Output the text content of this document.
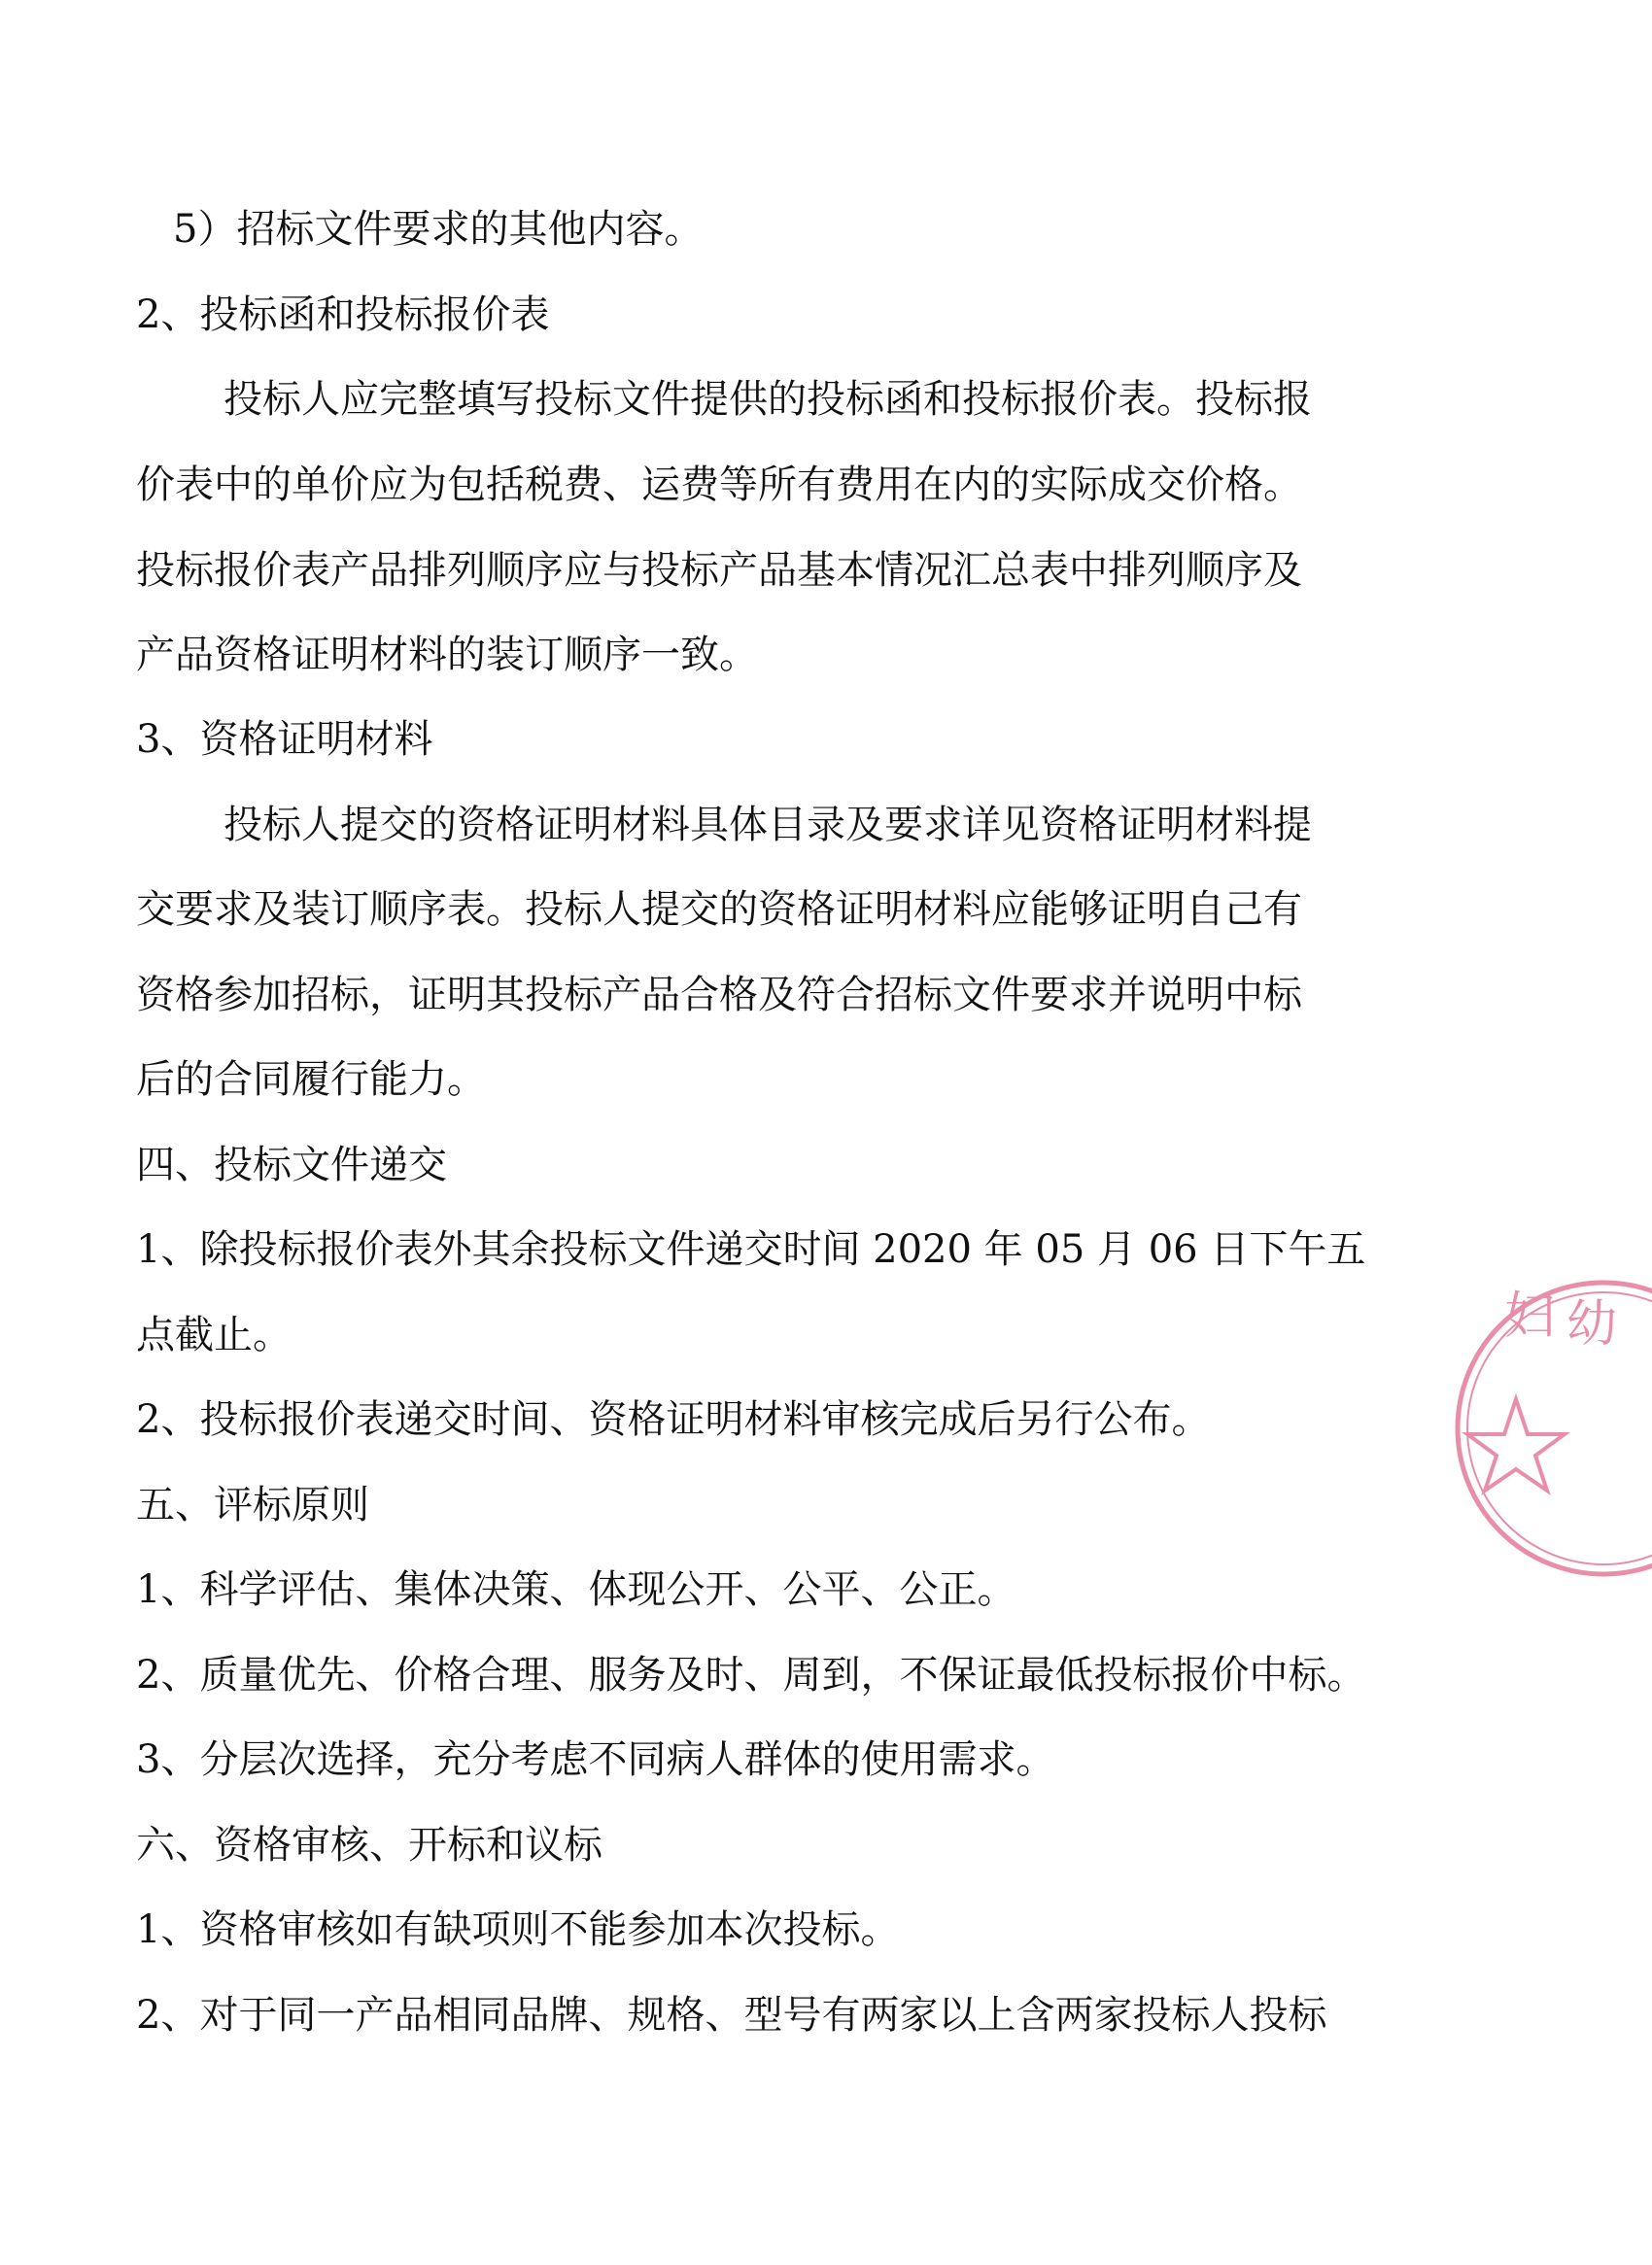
5）招标文件要求的其他内容。
2、投标函和投标报价表
投标人应完整填写投标文件提供的投标函和投标报价表。投标报
价表中的单价应为包括税费、运费等所有费用在内的实际成交价格。
投标报价表产品排列顺序应与投标产品基本情况汇总表中排列顺序及
产品资格证明材料的装订顺序一致。
3、资格证明材料
投标人提交的资格证明材料具体目录及要求详见资格证明材料提
交要求及装订顺序表。投标人提交的资格证明材料应能够证明自己有
资格参加招标，证明其投标产品合格及符合招标文件要求并说明中标
后的合同履行能力。
四、投标文件递交
1、除投标报价表外其余投标文件递交时间 2020 年 05 月 06 日下午五
点截止。
2、投标报价表递交时间、资格证明材料审核完成后另行公布。
五、评标原则
1、科学评估、集体决策、体现公开、公平、公正。
2、质量优先、价格合理、服务及时、周到，不保证最低投标报价中标。
3、分层次选择，充分考虑不同病人群体的使用需求。
六、资格审核、开标和议标
1、资格审核如有缺项则不能参加本次投标。
2、对于同一产品相同品牌、规格、型号有两家以上含两家投标人投标
妇 幼
